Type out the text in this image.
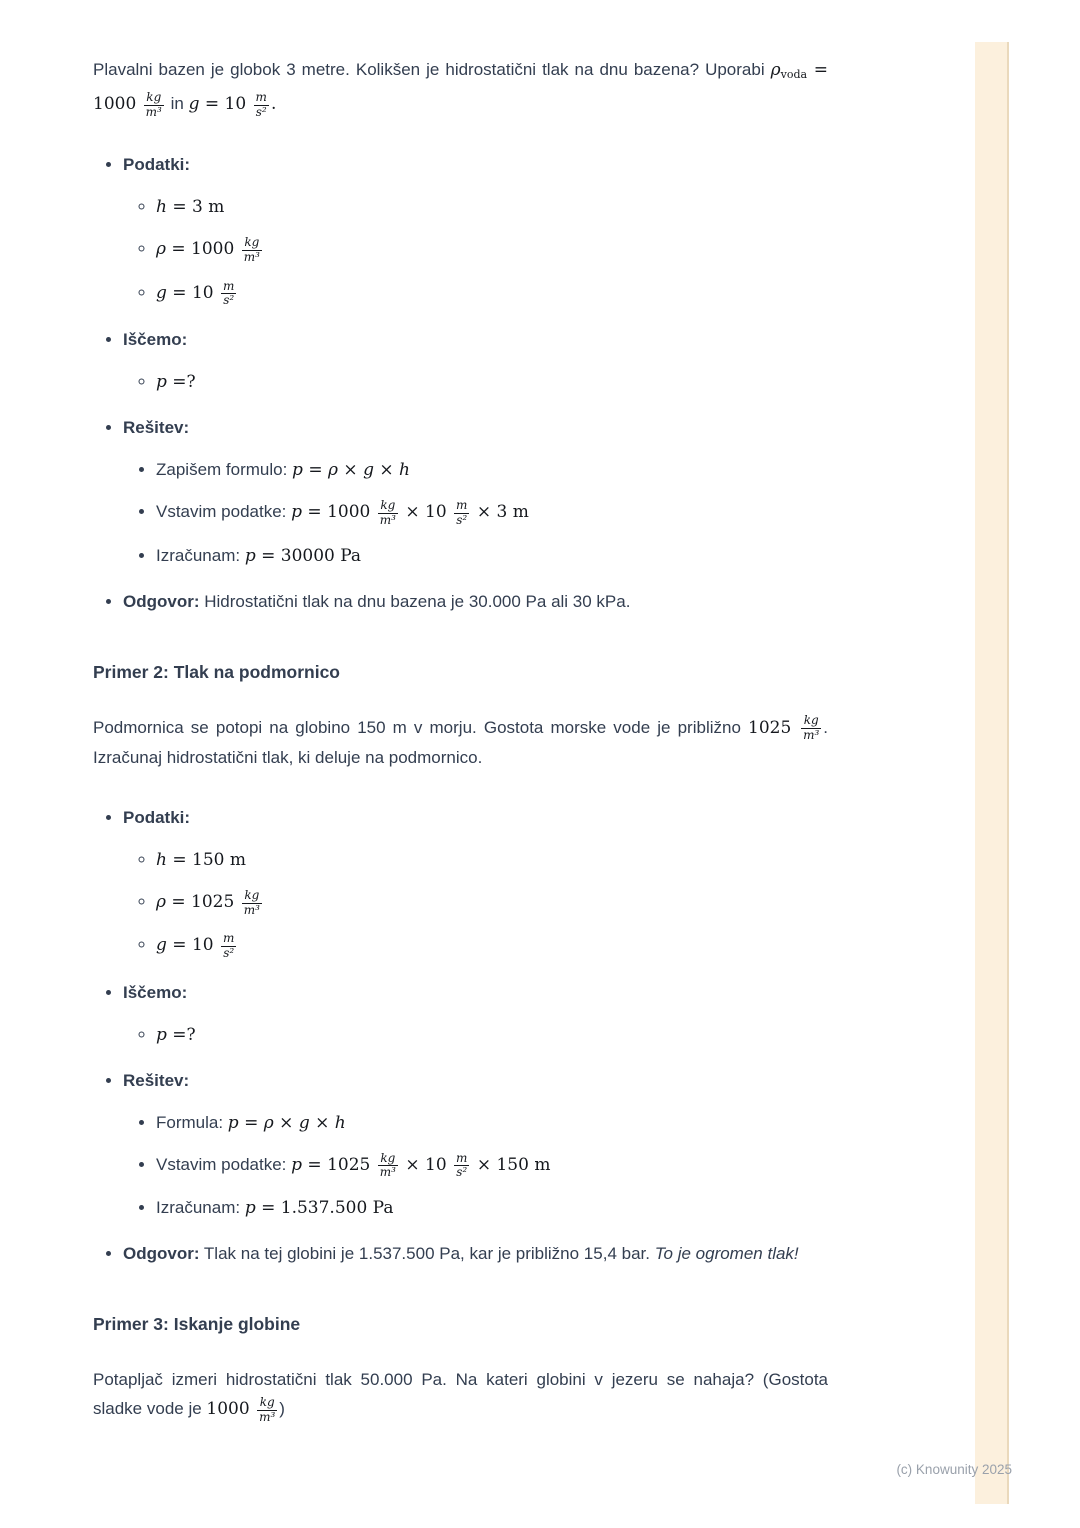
Plavalni bazen je globok 3 metre. Kolikšen je hidrostatični tlak na dnu bazena? Uporabi ρvoda = $1000 \frac{kg}{\text{m³}}$ in $g = 10 \frac{m}{\text{s²}}$ .

• Podatki:
◦ h = 3 m
◦ $\rho = 1000 \frac{kg}{\text{m³}}$
◦ $g = 10 \frac{m}{\text{s²}}$
• Iščemo:
◦ p =?
• Rešitev:
• Zapišem formulo: p = ρ × g × h
• Vstavim podatke: $p = 1000 \frac{kg}{\text{m³}} \times 10 \frac{m}{\text{s²}} \times 3$ m
• Izračunam: p = 30000 Pa
• Odgovor: Hidrostatični tlak na dnu bazena je 30.000 Pa ali 30 kPa.
Primer 2: Tlak na podmornico

Podmornica se potopi na globino 150 m v morju. Gostota morske vode je približno $1025 \frac{kg}{\text{m³}}$ . Izračunaj hidrostatični tlak, ki deluje na podmornico.

• Podatki:
◦ h = 150 m
◦ $\rho = 1025 \frac{kg}{\text{m³}}$
◦ $g = 10 \frac{m}{\text{s²}}$
• Iščemo:
◦ p =?
• Rešitev:
• Formula: p = ρ × g × h
• Vstavim podatke: $p = 1025 \frac{kg}{\text{m³}} \times 10 \frac{m}{\text{s²}} \times 150$ m
• Izračunam: p = 1.537.500 Pa
• Odgovor: Tlak na tej globini je 1.537.500 Pa, kar je približno 15,4 bar. To je ogromen tlak!
Primer 3: Iskanje globine

Potapljač izmeri hidrostatični tlak 50.000 Pa. Na kateri globini v jezeru se nahaja? (Gostota sladke vode je $1000 \frac{kg}{\text{m³}}$ )

(c) Knowunity 2025
